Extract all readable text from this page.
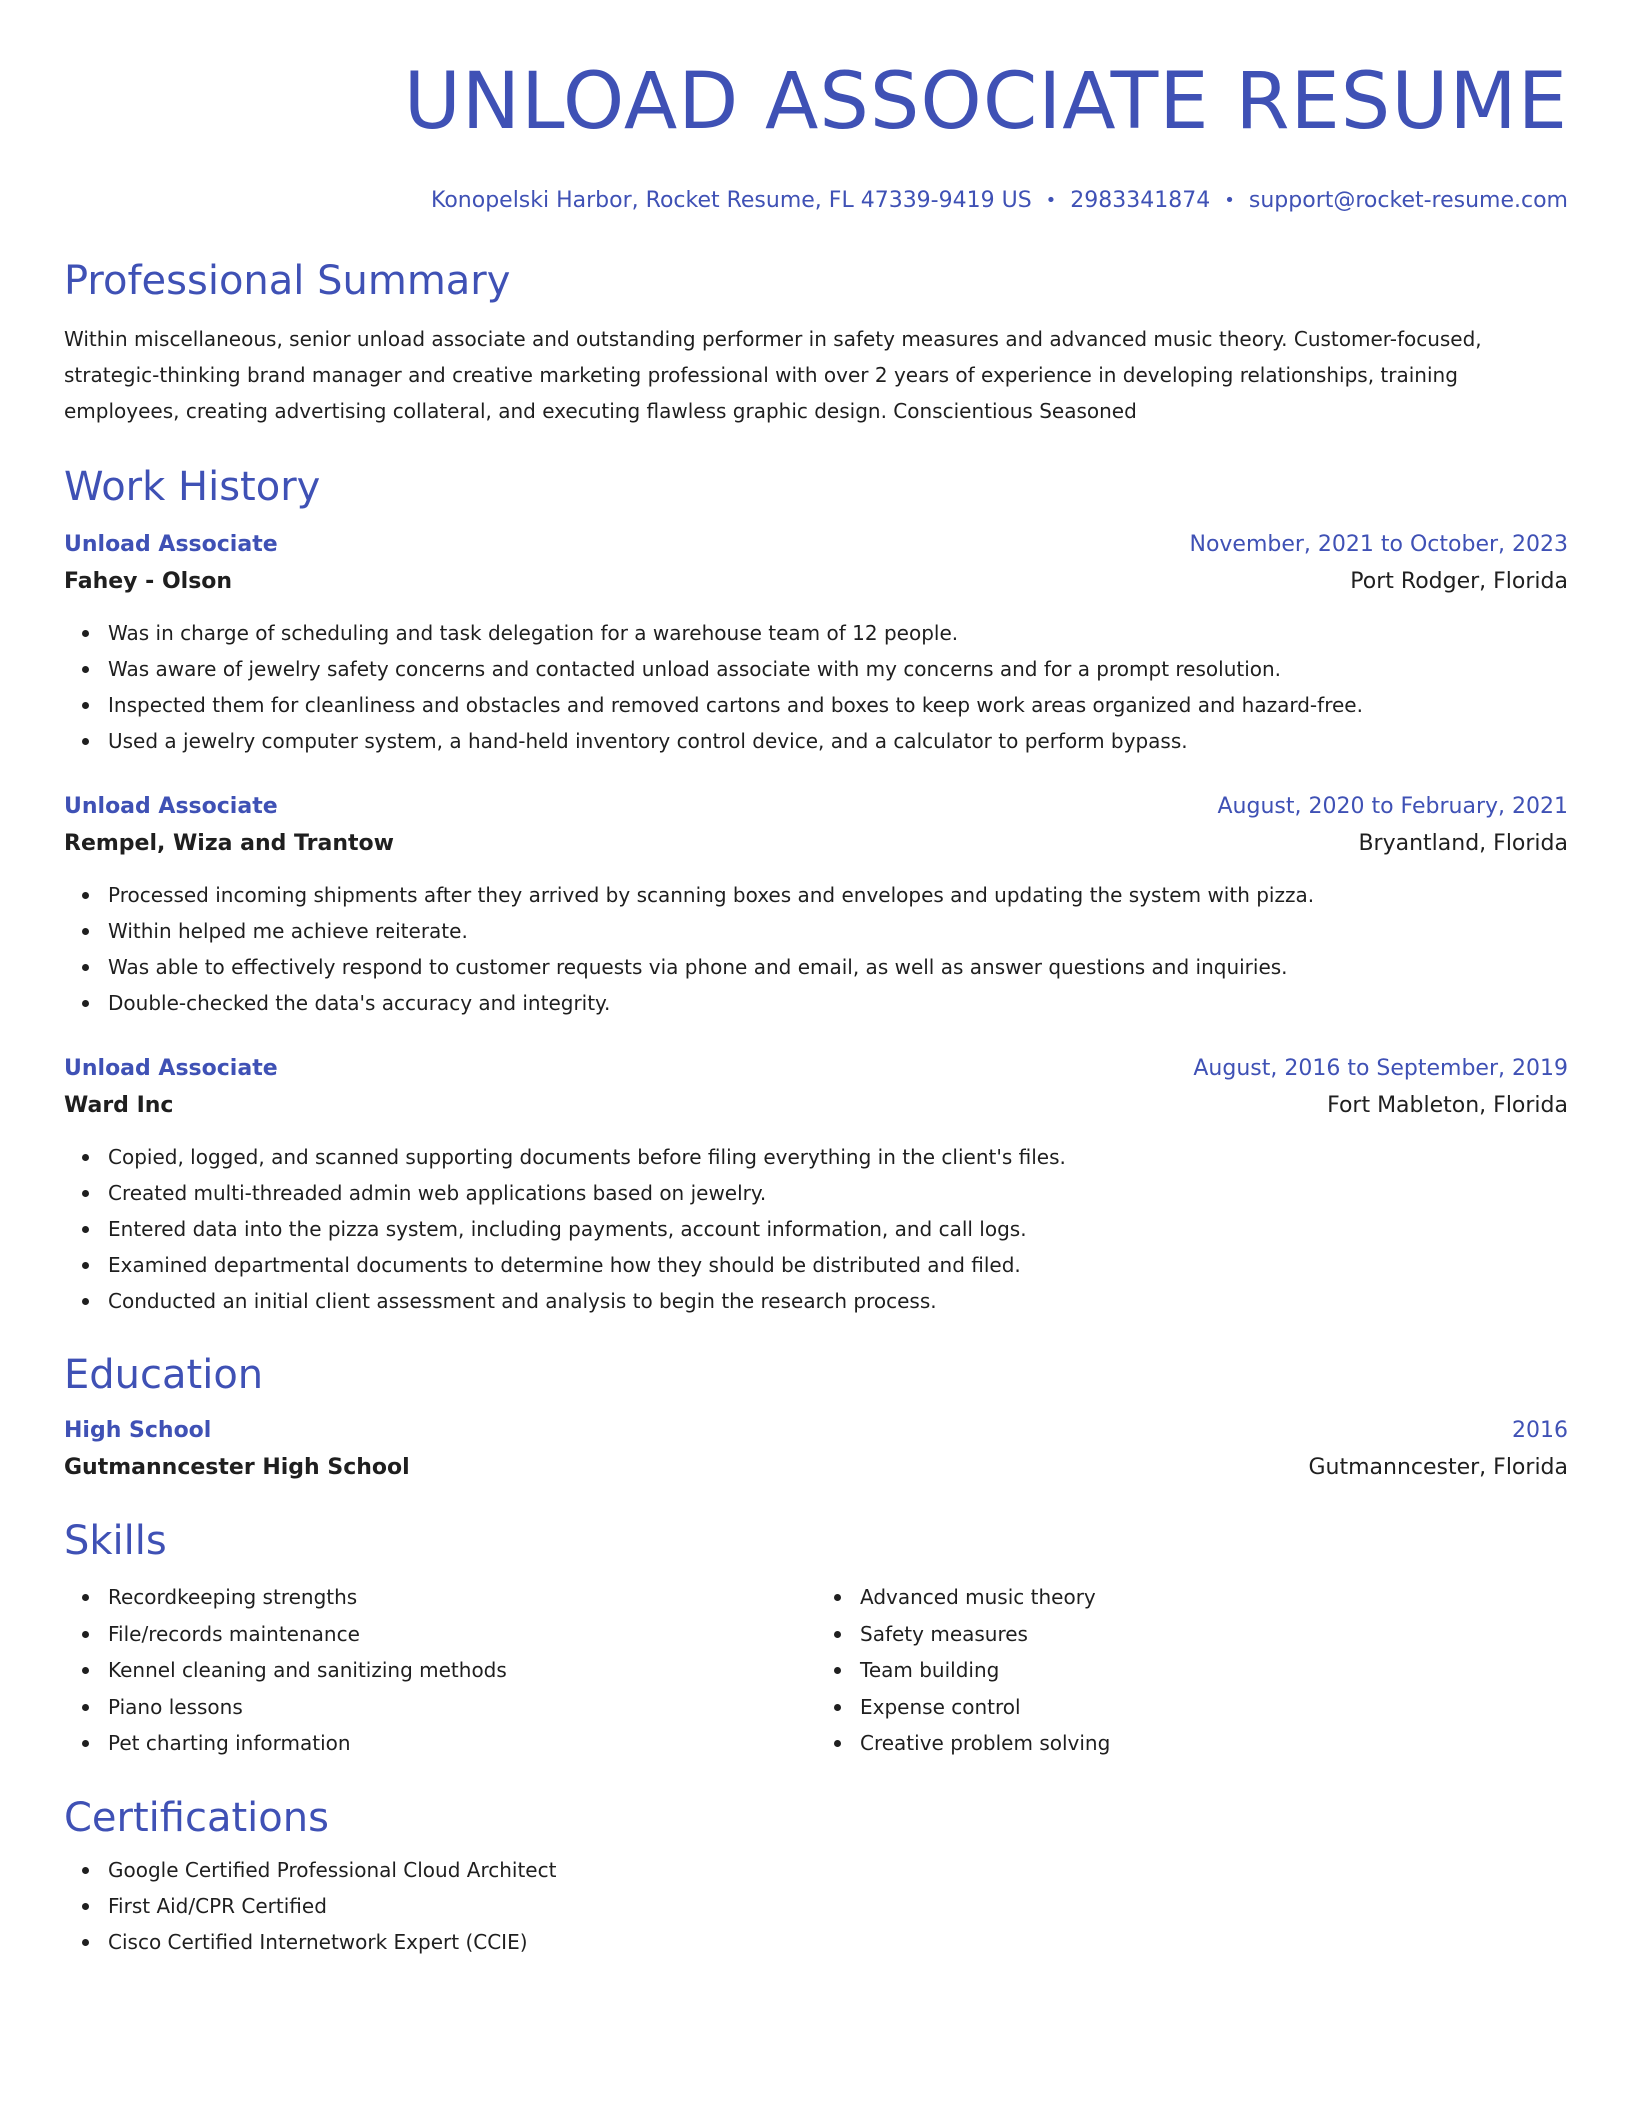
UNLOAD ASSOCIATE RESUME
Konopelski Harbor, Rocket Resume, FL 47339-9419 US • 2983341874 • support@rocket-resume.com
Professional Summary
Within miscellaneous, senior unload associate and outstanding performer in safety measures and advanced music theory. Customer-focused, strategic-thinking brand manager and creative marketing professional with over 2 years of experience in developing relationships, training employees, creating advertising collateral, and executing flawless graphic design. Conscientious Seasoned
Work History
Unload Associate	November, 2021 to October, 2023
Fahey - Olson	Port Rodger, Florida
Was in charge of scheduling and task delegation for a warehouse team of 12 people.
Was aware of jewelry safety concerns and contacted unload associate with my concerns and for a prompt resolution.
Inspected them for cleanliness and obstacles and removed cartons and boxes to keep work areas organized and hazard-free.
Used a jewelry computer system, a hand-held inventory control device, and a calculator to perform bypass.
Unload Associate	August, 2020 to February, 2021
Rempel, Wiza and Trantow	Bryantland, Florida
Processed incoming shipments after they arrived by scanning boxes and envelopes and updating the system with pizza.
Within helped me achieve reiterate.
Was able to effectively respond to customer requests via phone and email, as well as answer questions and inquiries.
Double-checked the data's accuracy and integrity.
Unload Associate	August, 2016 to September, 2019
Ward Inc	Fort Mableton, Florida
Copied, logged, and scanned supporting documents before filing everything in the client's files.
Created multi-threaded admin web applications based on jewelry.
Entered data into the pizza system, including payments, account information, and call logs.
Examined departmental documents to determine how they should be distributed and filed.
Conducted an initial client assessment and analysis to begin the research process.
Education
High School	2016
Gutmanncester High School	Gutmanncester, Florida
Skills
Recordkeeping strengths
File/records maintenance
Kennel cleaning and sanitizing methods
Piano lessons
Pet charting information
Advanced music theory
Safety measures
Team building
Expense control
Creative problem solving
Certifications
Google Certified Professional Cloud Architect
First Aid/CPR Certified
Cisco Certified Internetwork Expert (CCIE)
